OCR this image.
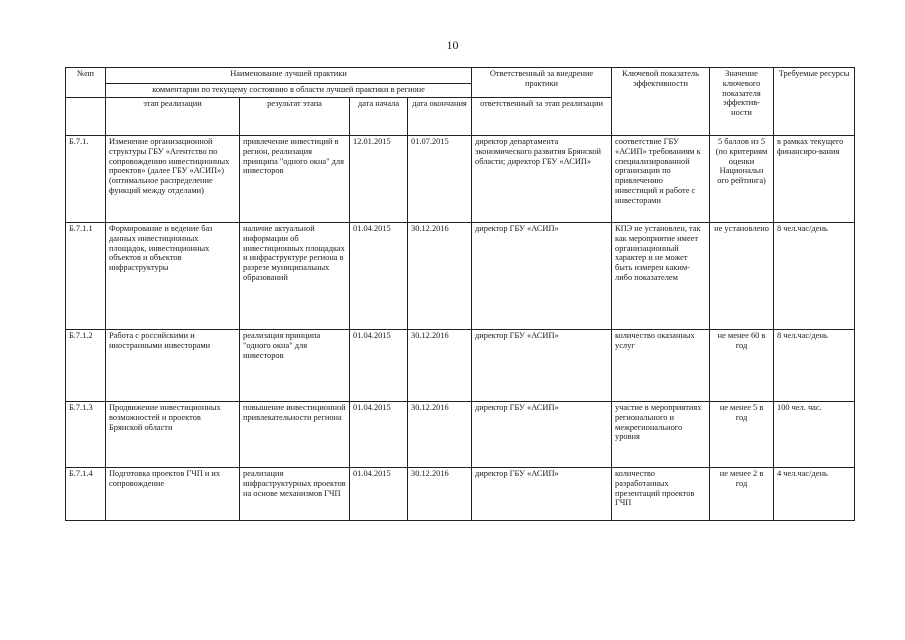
10
№пп	Наименование лучшей практики				Ответственный за внедрение практики	Ключевой показатель эффективности	Значение ключевого показателя эффектив-ности	Требуемые ресурсы
	комментарии по текущему состоянию в области лучшей практики в регионе							
	этап реализации	результат этапа	дата начала	дата окончания	ответственный за этап реализации			
Б.7.1.	Изменение организационной структуры ГБУ «Агентство по сопровождению инвестиционных проектов» (далее ГБУ «АСИП») (оптимальное распределение функций между отделами)	привлечение инвестиций в регион, реализация принципа "одного окна" для инвесторов	12.01.2015	01.07.2015	директор департамента экономического развития Брянской области; директор ГБУ «АСИП»	соответствие ГБУ «АСИП» требованиям к специализированной организации по привлечению инвестиций и работе с инвесторами	5 баллов из 5 (по критериям оценки Национальн ого рейтинга)	в рамках текущего финансиро-вания
Б.7.1.1	Формирование и ведение баз данных инвестиционных площадок, инвестиционных объектов и объектов инфраструктуры	наличие актуальной информации об инвестиционных площадках и инфраструктуре региона в разрезе муниципальных образований	01.04.2015	30.12.2016	директор ГБУ «АСИП»	КПЭ не установлен, так как мероприятие имеет организационный характер и не может быть измерен каким-либо показателем	не установлено	8 чел.час/день
Б.7.1.2	Работа с российскими и иностранными инвесторами	реализация принципа "одного окна" для инвесторов	01.04.2015	30.12.2016	директор ГБУ «АСИП»	количество оказанных услуг	не менее 60 в год	8 чел.час/день
Б.7.1.3	Продвижение инвестиционных возможностей и проектов Брянской области	повышение инвестиционной привлекательности региона	01.04.2015	30.12.2016	директор ГБУ «АСИП»	участие в мероприятиях регионального и межрегионального уровня	не менее 5 в год	100 чел. час.
Б.7.1.4	Подготовка проектов ГЧП и их сопровождение	реализация инфраструктурных проектов на основе механизмов ГЧП	01.04.2015	30.12.2016	директор ГБУ «АСИП»	количество разработанных презентаций проектов ГЧП	не менее 2 в год	4 чел.час/день
